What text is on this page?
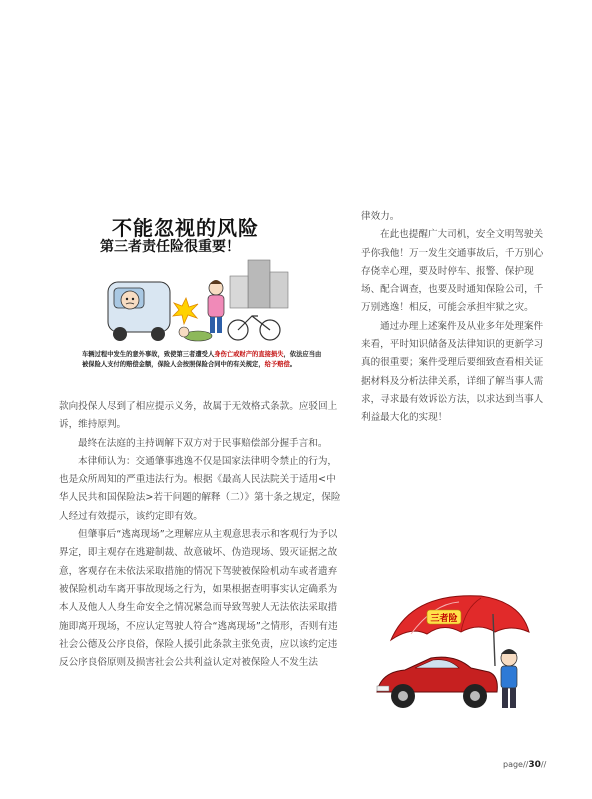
不能忽视的风险
第三者责任险很重要！
车辆过程中发生的意外事故，致使第三者遭受人身伤亡或财产的直接损失，依法应当由被保险人支付的赔偿金额，保险人会按照保险合同中的有关规定，给予赔偿。

律效力。

在此也提醒广大司机，安全文明驾驶关乎你我他！万一发生交通事故后，千万别心存侥幸心理，要及时停车、报警、保护现场、配合调查，也要及时通知保险公司，千万别逃逸！相反，可能会承担牢狱之灾。

通过办理上述案件及从业多年处理案件来看，平时知识储备及法律知识的更新学习真的很重要；案件受理后要细致查看相关证据材料及分析法律关系，详细了解当事人需求，寻求最有效诉讼方法，以求达到当事人利益最大化的实现！

款向投保人尽到了相应提示义务，故属于无效格式条款。应驳回上诉，维持原判。

最终在法庭的主持调解下双方对于民事赔偿部分握手言和。

本律师认为：交通肇事逃逸不仅是国家法律明令禁止的行为，也是众所周知的严重违法行为。根据《最高人民法院关于适用<中华人民共和国保险法>若干问题的解释（二）》第十条之规定，保险人经过有效提示，该约定即有效。

但肇事后“逃离现场”之理解应从主观意思表示和客观行为予以界定，即主观存在逃避制裁、故意破坏、伪造现场、毁灭证据之故意，客观存在未依法采取措施的情况下驾驶被保险机动车或者遗弃被保险机动车离开事故现场之行为，如果根据查明事实认定确系为本人及他人人身生命安全之情况紧急而导致驾驶人无法依法采取措施即离开现场，不应认定驾驶人符合“逃离现场”之情形，否则有违社会公德及公序良俗，保险人援引此条款主张免责，应以该约定违反公序良俗原则及损害社会公共利益认定对被保险人不发生法

三者险
page//30//
